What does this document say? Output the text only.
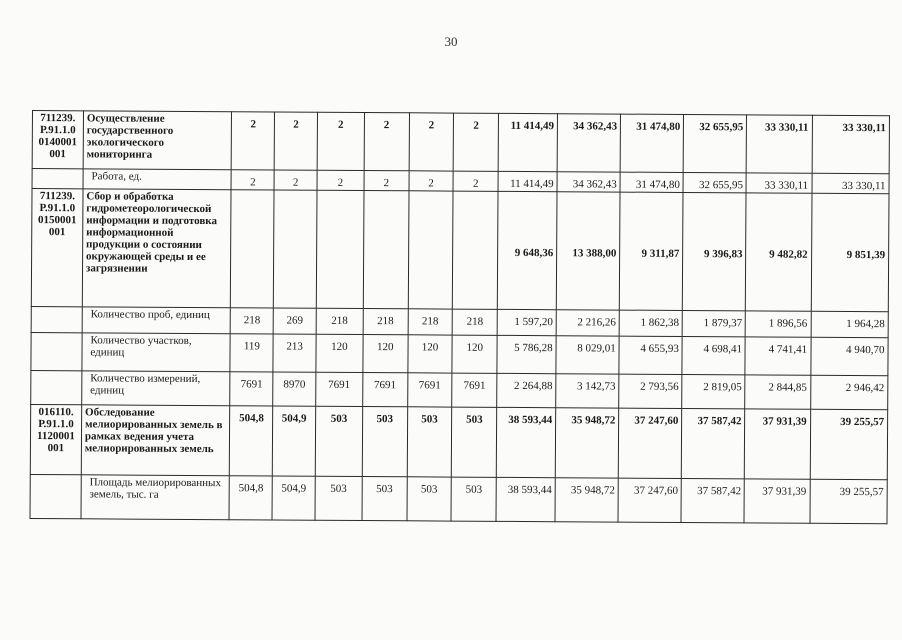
30
711239.
Р.91.1.0
0140001
001	Осуществление государственного экологического мониторинга	2	2	2	2	2	2	11 414,49	34 362,43	31 474,80	32 655,95	33 330,11	33 330,11
	Работа, ед.	2	2	2	2	2	2	11 414,49	34 362,43	31 474,80	32 655,95	33 330,11	33 330,11
711239.
Р.91.1.0
0150001
001	Сбор и обработка гидрометеорологической информации и подготовка информационной продукции о состоянии окружающей среды и ее загрязнении							9 648,36	13 388,00	9 311,87	9 396,83	9 482,82	9 851,39
	Количество проб, единиц	218	269	218	218	218	218	1 597,20	2 216,26	1 862,38	1 879,37	1 896,56	1 964,28
	Количество участков, единиц	119	213	120	120	120	120	5 786,28	8 029,01	4 655,93	4 698,41	4 741,41	4 940,70
	Количество измерений, единиц	7691	8970	7691	7691	7691	7691	2 264,88	3 142,73	2 793,56	2 819,05	2 844,85	2 946,42
016110.
Р.91.1.0
1120001
001	Обследование мелиорированных земель в рамках ведения учета мелиорированных земель	504,8	504,9	503	503	503	503	38 593,44	35 948,72	37 247,60	37 587,42	37 931,39	39 255,57
	Площадь мелиорированных земель, тыс. га	504,8	504,9	503	503	503	503	38 593,44	35 948,72	37 247,60	37 587,42	37 931,39	39 255,57
